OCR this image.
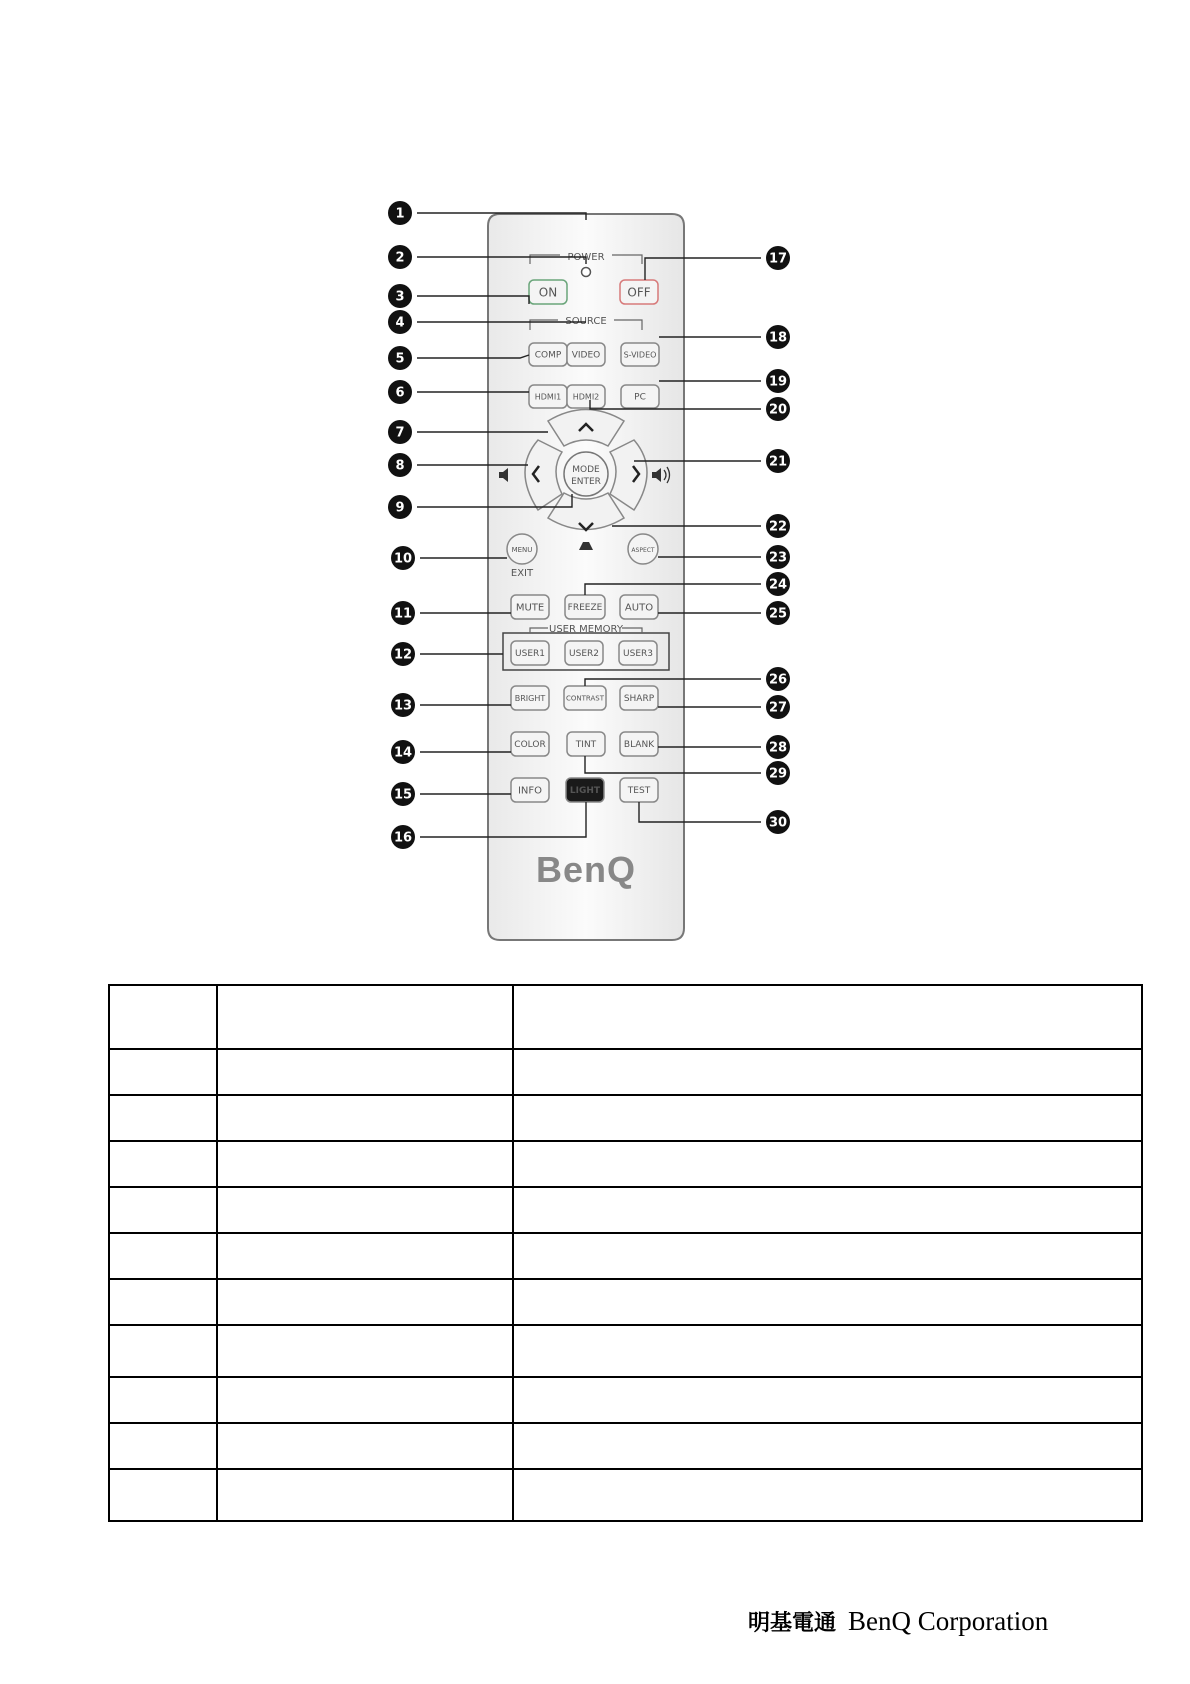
POWER
SOURCE
USER MEMORY
MODE
ENTER
ON	OFF
COMP VIDEO	S-VIDEO
HDMI1 HDMI2	PC
MUTE	FREEZE AUTO
USER1	USER2	USER3
BRIGHT	CONTRAST SHARP
COLOR	TINT	BLANK
INFO	LIGHT	TEST
MENU	ASPECT
EXIT
BenQ
1
2
3
4
5
6
7
8
9
10
11
12
13
14
15
16
17
18
19
20
21
22
23
24
25
26
27
28
29
30

明基電通 BenQ Corporation
